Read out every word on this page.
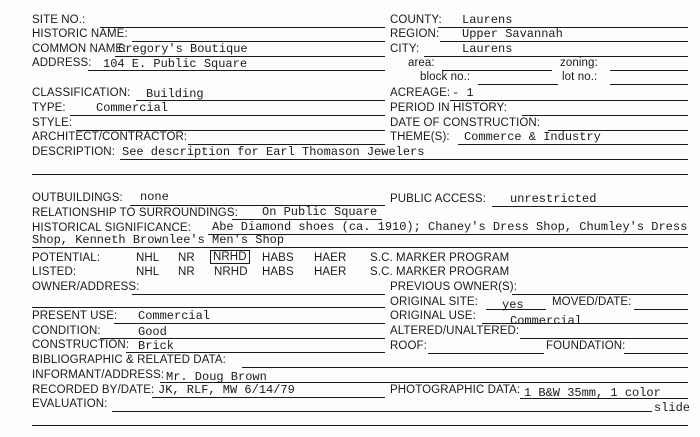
SITE NO.:
HISTORIC NAME:
COMMON NAME:
Gregory's Boutique
ADDRESS: 104 E. Public Square
COUNTY: Laurens
REGION: Upper Savannah
CITY:	Laurens
area:	zoning:
block no.:	lot no.:
CLASSIFICATION: Building
TYPE:	Commercial
STYLE:
ARCHITECT/CONTRACTOR:
ACREAGE: - 1
PERIOD IN HISTORY:
DATE OF CONSTRUCTION:
THEME(S): Commerce & Industry
DESCRIPTION: See description for Earl Thomason Jewelers
OUTBUILDINGS: none	PUBLIC ACCESS: unrestricted
RELATIONSHIP TO SURROUNDINGS: On Public Square
HISTORICAL SIGNIFICANCE: Abe Diamond shoes (ca. 1910); Chaney's Dress Shop, Chumley's Dress
Shop, Kenneth Brownlee's Men's Shop
POTENTIAL:	NHL NR NRHD HABS HAER S.C. MARKER PROGRAM
LISTED:	NHL NR NRHD HABS HAER S.C. MARKER PROGRAM
OWNER/ADDRESS:	PREVIOUS OWNER(S):
ORIGINAL SITE: yes MOVED/DATE:
PRESENT USE: Commercial	ORIGINAL USE:	Commercial
CONDITION:	Good	ALTERED/UNALTERED:
CONSTRUCTION: Brick	ROOF:	FOUNDATION:
BIBLIOGRAPHIC & RELATED DATA:
INFORMANT/ADDRESS: Mr. Doug Brown
RECORDED BY/DATE: JK, RLF, MW 6/14/79	PHOTOGRAPHIC DATA: 1 B&W 35mm, 1 color
slide
EVALUATION:
